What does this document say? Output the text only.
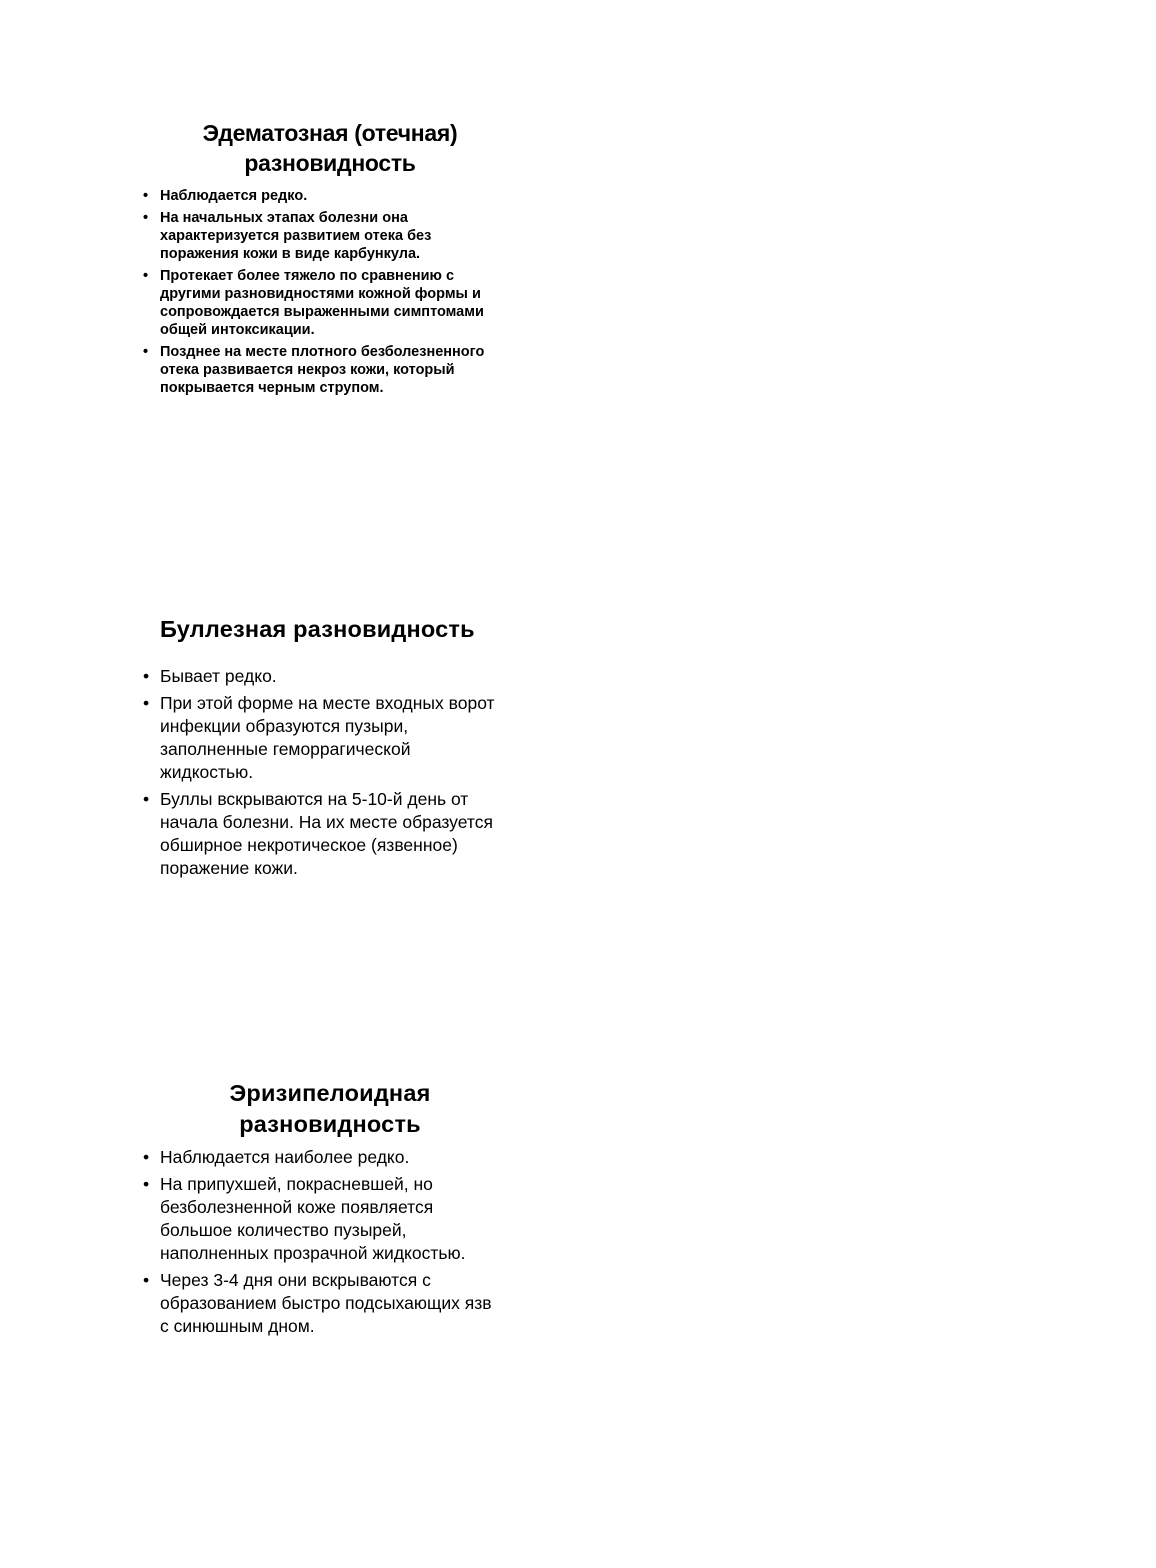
Эдематозная (отечная)
разновидность
• Наблюдается редко.
• На начальных этапах болезни она характеризуется развитием отека без поражения кожи в виде карбункула.
• Протекает более тяжело по сравнению с другими разновидностями кожной формы и сопровождается выраженными симптомами общей интоксикации.
• Позднее на месте плотного безболезненного отека развивается некроз кожи, который покрывается черным струпом.
Буллезная разновидность
• Бывает редко.
• При этой форме на месте входных ворот инфекции образуются пузыри, заполненные геморрагической жидкостью.
• Буллы вскрываются на 5-10-й день от начала болезни. На их месте образуется обширное некротическое (язвенное) поражение кожи.
Эризипелоидная
разновидность
• Наблюдается наиболее редко.
• На припухшей, покрасневшей, но безболезненной коже появляется большое количество пузырей, наполненных прозрачной жидкостью.
• Через 3-4 дня они вскрываются с образованием быстро подсыхающих язв с синюшным дном.
